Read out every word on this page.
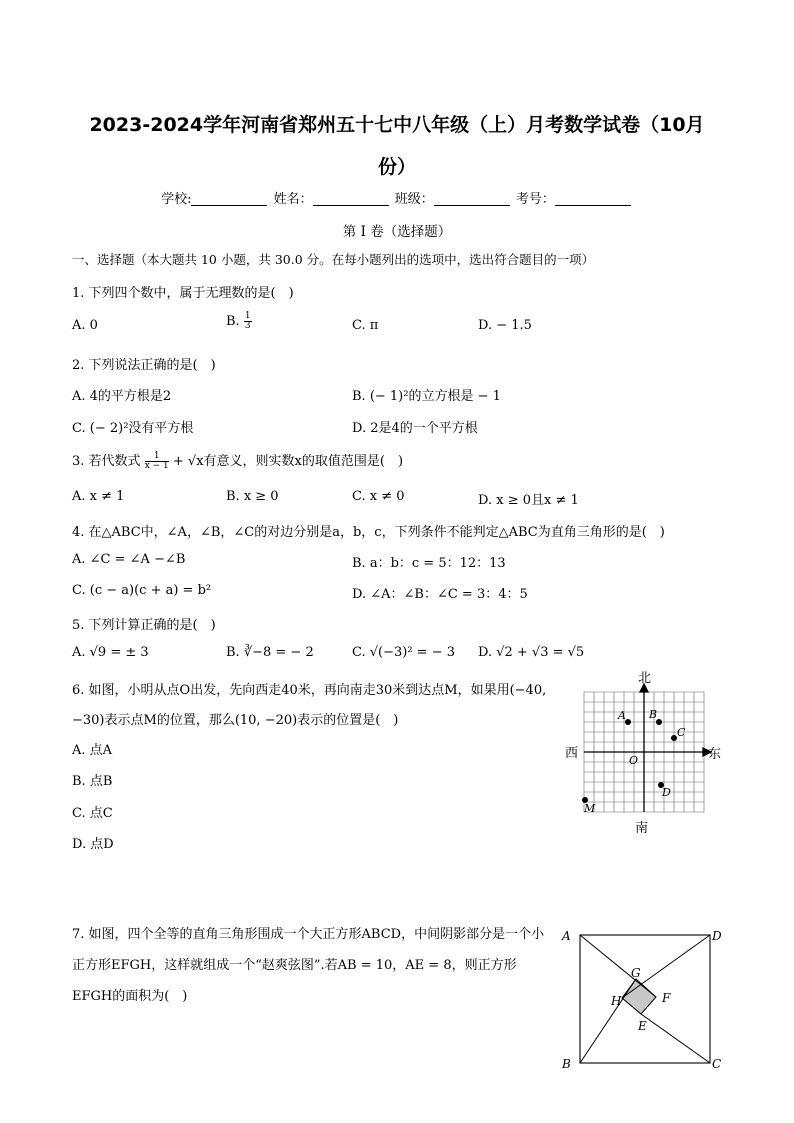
2023-2024学年河南省郑州五十七中八年级（上）月考数学试卷（10月
份）
学校:	姓名：	班级：	考号：
第 I 卷（选择题）
一、选择题（本大题共 10 小题，共 30.0 分。在每小题列出的选项中，选出符合题目的一项）
1. 下列四个数中，属于无理数的是(　)
A. 0	B. $\frac{1}{3}$	C. π	D. − 1.5
2. 下列说法正确的是(　)
A. 4的平方根是2	B. (− 1)²的立方根是 − 1
C. (− 2)²没有平方根	D. 2是4的一个平方根
3. 若代数式 $\frac{1}{x - 1} + √x$有意义，则实数x的取值范围是(　)
A. x ≠ 1	B. x ≥ 0	C. x ≠ 0	D. x ≥ 0且x ≠ 1
4. 在△ABC中，∠A，∠B，∠C的对边分别是a，b，c，下列条件不能判定△ABC为直角三角形的是(　)
A. ∠C = ∠A −∠B	B. a：b：c = 5：12：13
C. (c − a)(c + a) = b²	D. ∠A：∠B：∠C = 3：4：5
5. 下列计算正确的是(　)
A. √9 = ± 3	B. ∛−8 = − 2	C. √(−3)² = − 3 D. √2 + √3 = √5
6. 如图，小明从点O出发，先向西走40米，再向南走30米到达点M，如果用(−40, −30)表示点M的位置，那么(10, −20)表示的位置是(　)
A. 点A
B. 点B
C. 点C
D. 点D
北
南
西	东
A B
C
O
D
M
7. 如图，四个全等的直角三角形围成一个大正方形ABCD，中间阴影部分是一个小正方形EFGH，这样就组成一个“赵爽弦图”.若AB = 10，AE = 8，则正方形EFGH的面积为(　)
A	D
B	C
G
H	F
E
